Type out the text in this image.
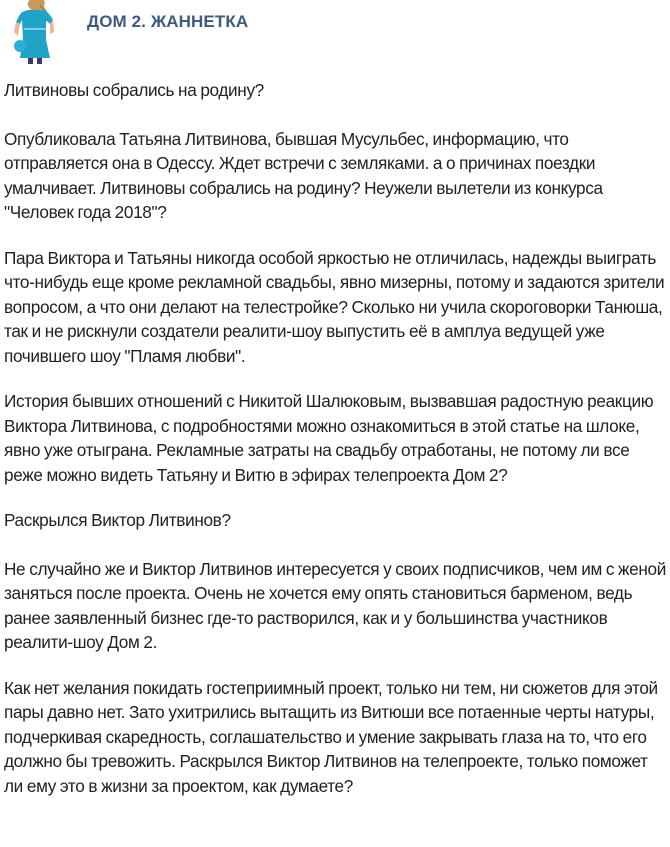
ДОМ 2. ЖАННЕТКА

Литвиновы собрались на родину?

Опубликовала Татьяна Литвинова, бывшая Мусульбес, информацию, что отправляется она в Одессу. Ждет встречи с земляками. а о причинах поездки умалчивает. Литвиновы собрались на родину? Неужели вылетели из конкурса "Человек года 2018"?

Пара Виктора и Татьяны никогда особой яркостью не отличилась, надежды выиграть что-нибудь еще кроме рекламной свадьбы, явно мизерны, потому и задаются зрители вопросом, а что они делают на телестройке? Сколько ни учила скороговорки Танюша, так и не рискнули создатели реалити-шоу выпустить её в амплуа ведущей уже почившего шоу "Пламя любви".

История бывших отношений с Никитой Шалюковым, вызвавшая радостную реакцию Виктора Литвинова, с подробностями можно ознакомиться в этой статье на шлоке, явно уже отыграна. Рекламные затраты на свадьбу отработаны, не потому ли все реже можно видеть Татьяну и Витю в эфирах телепроекта Дом 2?

Раскрылся Виктор Литвинов?

Не случайно же и Виктор Литвинов интересуется у своих подписчиков, чем им с женой заняться после проекта. Очень не хочется ему опять становиться барменом, ведь ранее заявленный бизнес где-то растворился, как и у большинства участников реалити-шоу Дом 2.

Как нет желания покидать гостеприимный проект, только ни тем, ни сюжетов для этой пары давно нет. Зато ухитрились вытащить из Витюши все потаенные черты натуры, подчеркивая скаредность, соглашательство и умение закрывать глаза на то, что его должно бы тревожить. Раскрылся Виктор Литвинов на телепроекте, только поможет ли ему это в жизни за проектом, как думаете?
